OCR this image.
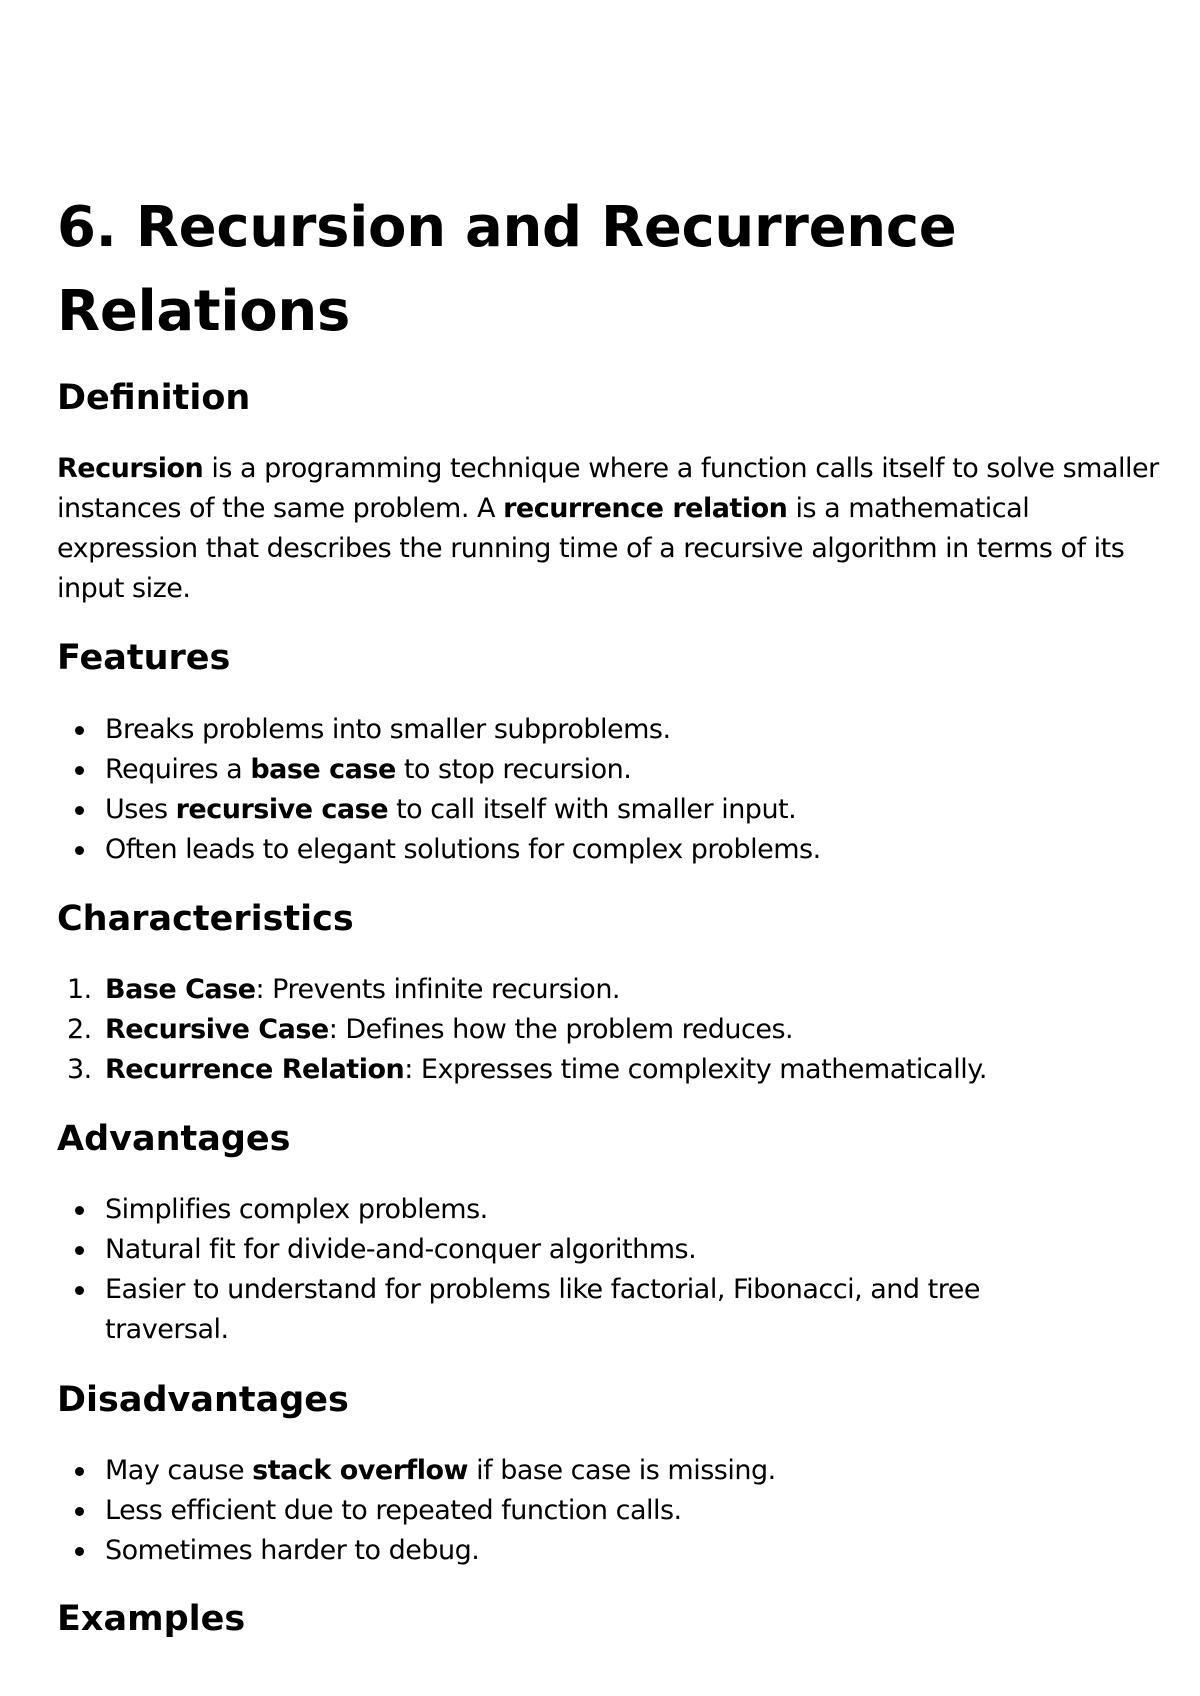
6. Recursion and Recurrence Relations
Definition

Recursion is a programming technique where a function calls itself to solve smaller instances of the same problem. A recurrence relation is a mathematical expression that describes the running time of a recursive algorithm in terms of its input size.

Features
Breaks problems into smaller subproblems.
Requires a base case to stop recursion.
Uses recursive case to call itself with smaller input.
Often leads to elegant solutions for complex problems.
Characteristics
1. Base Case: Prevents infinite recursion.
2. Recursive Case: Defines how the problem reduces.
3. Recurrence Relation: Expresses time complexity mathematically.
Advantages
Simplifies complex problems.
Natural fit for divide-and-conquer algorithms.
Easier to understand for problems like factorial, Fibonacci, and tree traversal.
Disadvantages
May cause stack overflow if base case is missing.
Less efficient due to repeated function calls.
Sometimes harder to debug.
Examples
